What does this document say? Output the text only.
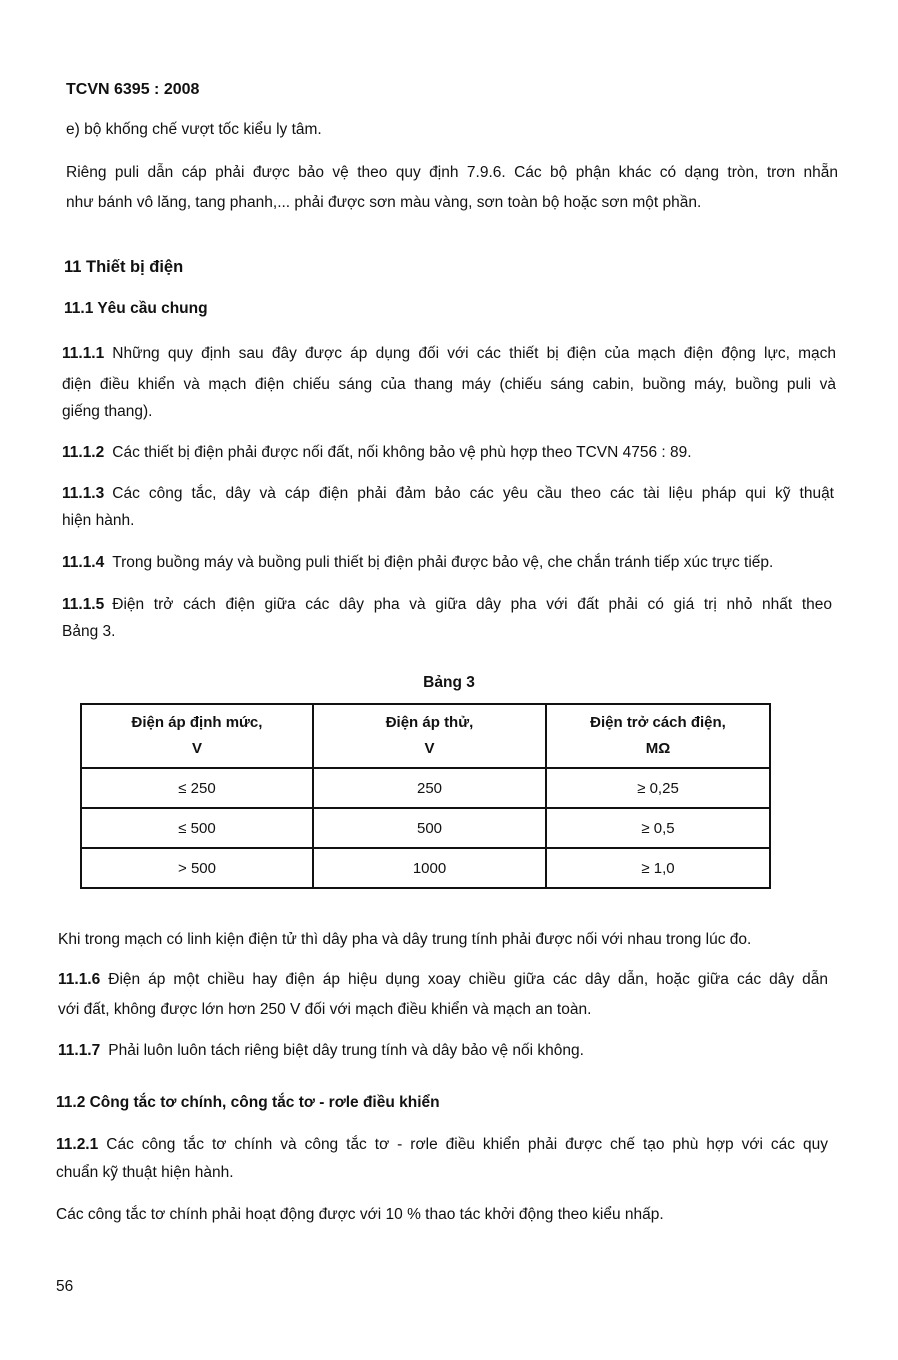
TCVN 6395 : 2008
e) bộ khống chế vượt tốc kiểu ly tâm.
Riêng puli dẫn cáp phải được bảo vệ theo quy định 7.9.6. Các bộ phận khác có dạng tròn, trơn nhẵn
như bánh vô lăng, tang phanh,... phải được sơn màu vàng, sơn toàn bộ hoặc sơn một phần.
11 Thiết bị điện
11.1 Yêu cầu chung
11.1.1 Những quy định sau đây được áp dụng đối với các thiết bị điện của mạch điện động lực, mạch
điện điều khiển và mạch điện chiếu sáng của thang máy (chiếu sáng cabin, buồng máy, buồng puli và
giếng thang).
11.1.2 Các thiết bị điện phải được nối đất, nối không bảo vệ phù hợp theo TCVN 4756 : 89.
11.1.3 Các công tắc, dây và cáp điện phải đảm bảo các yêu cầu theo các tài liệu pháp qui kỹ thuật
hiện hành.
11.1.4 Trong buồng máy và buồng puli thiết bị điện phải được bảo vệ, che chắn tránh tiếp xúc trực tiếp.
11.1.5 Điện trở cách điện giữa các dây pha và giữa dây pha với đất phải có giá trị nhỏ nhất theo
Bảng 3.
Bảng 3
Điện áp định mức,
V	Điện áp thử,
V	Điện trở cách điện,
MΩ
≤ 250	250	≥ 0,25
≤ 500	500	≥ 0,5
> 500	1000	≥ 1,0
Khi trong mạch có linh kiện điện tử thì dây pha và dây trung tính phải được nối với nhau trong lúc đo.
11.1.6 Điện áp một chiều hay điện áp hiệu dụng xoay chiều giữa các dây dẫn, hoặc giữa các dây dẫn
với đất, không được lớn hơn 250 V đối với mạch điều khiển và mạch an toàn.
11.1.7 Phải luôn luôn tách riêng biệt dây trung tính và dây bảo vệ nối không.
11.2 Công tắc tơ chính, công tắc tơ - rơle điều khiển
11.2.1 Các công tắc tơ chính và công tắc tơ - rơle điều khiển phải được chế tạo phù hợp với các quy
chuẩn kỹ thuật hiện hành.
Các công tắc tơ chính phải hoạt động được với 10 % thao tác khởi động theo kiểu nhấp.
56
